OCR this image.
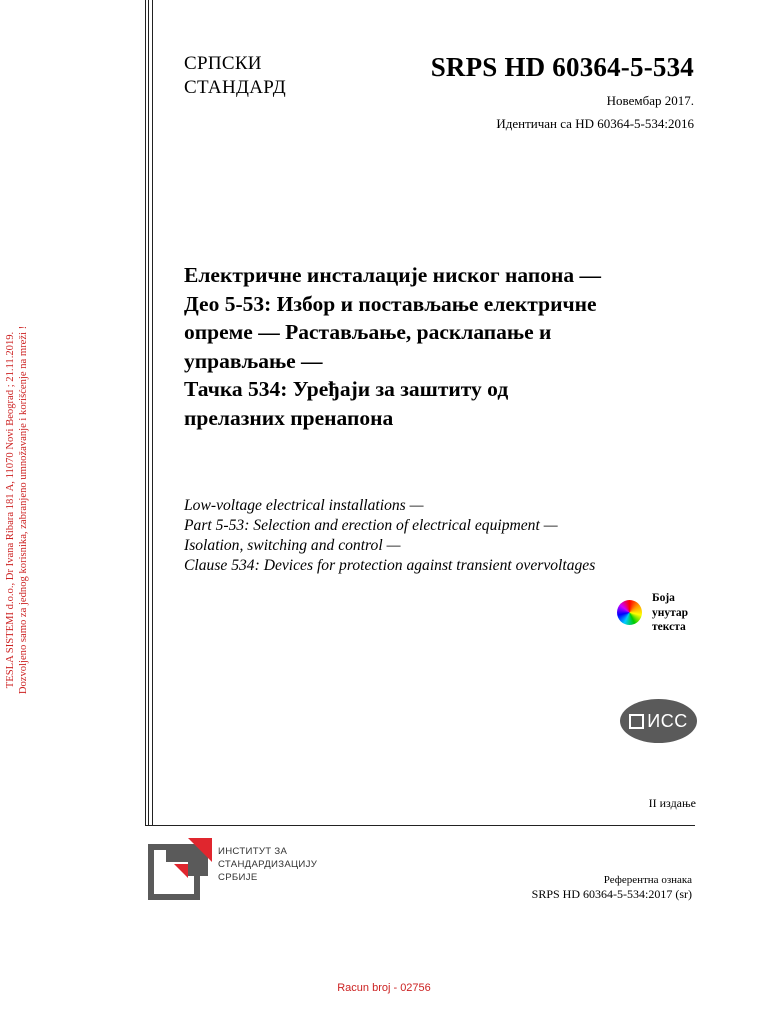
TESLA SISTEMI d.o.o., Dr Ivana Ribara 181 A, 11070 Novi Beograd ; 21.11.2019. Dozvoljeno samo za jednog korisnika, zabranjeno umnožavanje i korišćenje na mreži !
СРПСКИ
СТАНДАРД
SRPS HD 60364-5-534
Новембар 2017.
Идентичан са HD 60364-5-534:2016
Електричне инсталације ниског напона —
Део 5-53: Избор и постављање електричне
опреме — Растављање, расклапање и
управљање —
Тачка 534: Уређаји за заштиту од
прелазних пренапона
Low-voltage electrical installations —
Part 5-53: Selection and erection of electrical equipment —
Isolation, switching and control —
Clause 534: Devices for protection against transient overvoltages
Боја
унутар
текста
ИСС
II издање
ИНСТИТУТ ЗА
СТАНДАРДИЗАЦИЈУ
СРБИЈЕ	Референтна ознака
SRPS HD 60364-5-534:2017 (sr)
Racun broj - 02756
